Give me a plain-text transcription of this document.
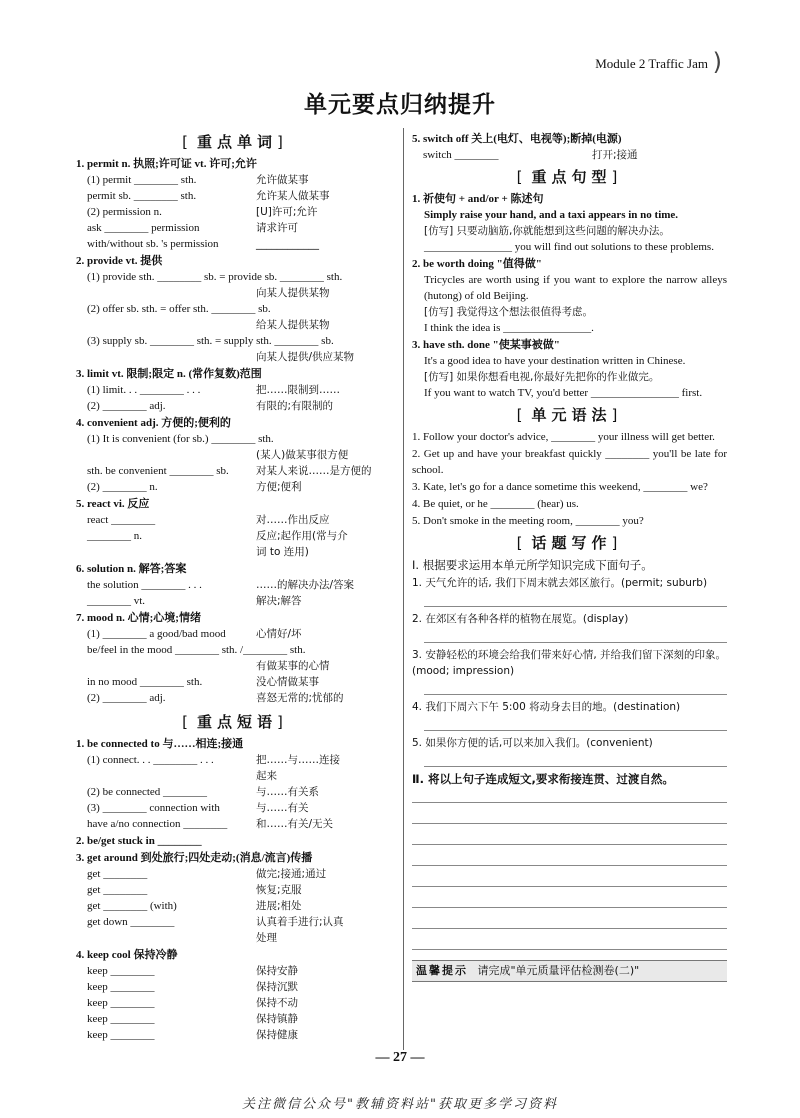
Module 2 Traffic Jam )
单元要点归纳提升
[ 重点单词 ]
1. permit n. 执照;许可证 vt. 许可;允许
(1) permit ________ sth.	允许做某事
permit sb. ________ sth.	允许某人做某事
(2) permission n.	[U]许可;允许
ask ________ permission	请求许可
with/without sb. 's permission	____________
2. provide vt. 提供
(1) provide sth. ________ sb. = provide sb. ________ sth.
向某人提供某物
(2) offer sb. sth. = offer sth. ________ sb.
给某人提供某物
(3) supply sb. ________ sth. = supply sth. ________ sb.
向某人提供/供应某物
3. limit vt. 限制;限定 n. (常作复数)范围
(1) limit. . . ________ . . .	把……限制到……
(2) ________ adj.	有限的;有限制的
4. convenient adj. 方便的;便利的
(1) It is convenient (for sb.) ________ sth.
(某人)做某事很方便
sth. be convenient ________ sb.	对某人来说……是方便的
(2) ________ n.	方便;便利
5. react vi. 反应
react ________	对……作出反应
________ n.	反应;起作用(常与介
词 to 连用)
6. solution n. 解答;答案
the solution ________ . . .	……的解决办法/答案
________ vt.	解决;解答
7. mood n. 心情;心境;情绪
(1) ________ a good/bad mood	心情好/坏
be/feel in the mood ________ sth. /________ sth.
有做某事的心情
in no mood ________ sth.	没心情做某事
(2) ________ adj.	喜怒无常的;忧郁的
[ 重点短语 ]
1. be connected to 与……相连;接通
(1) connect. . . ________ . . .	把……与……连接
起来
(2) be connected ________	与……有关系
(3) ________ connection with	与……有关
have a/no connection ________	和……有关/无关
2. be/get stuck in ________
3. get around 到处旅行;四处走动;(消息/流言)传播
get ________	做完;接通;通过
get ________	恢复;克服
get ________ (with)	进展;相处
get down ________	认真着手进行;认真
处理
4. keep cool 保持冷静
keep ________	保持安静
keep ________	保持沉默
keep ________	保持不动
keep ________	保持镇静
keep ________	保持健康
5. switch off 关上(电灯、电视等);断掉(电源)
switch ________	打开;接通
[ 重点句型 ]
1. 祈使句 + and/or + 陈述句
Simply raise your hand, and a taxi appears in no time.
[仿写] 只要动脑筋,你就能想到这些问题的解决办法。
________________ you will find out solutions to these problems.
2. be worth doing "值得做"
Tricycles are worth using if you want to explore the narrow alleys (hutong) of old Beijing.
[仿写] 我觉得这个想法很值得考虑。
I think the idea is ________________.
3. have sth. done "使某事被做"
It's a good idea to have your destination written in Chinese.
[仿写] 如果你想看电视,你最好先把你的作业做完。
If you want to watch TV, you'd better ________________ first.
[ 单元语法 ]
1. Follow your doctor's advice, ________ your illness will get better.
2. Get up and have your breakfast quickly ________ you'll be late for school.
3. Kate, let's go for a dance sometime this weekend, ________ we?
4. Be quiet, or he ________ (hear) us.
5. Don't smoke in the meeting room, ________ you?
[ 话题写作 ]
Ⅰ. 根据要求运用本单元所学知识完成下面句子。
1. 天气允许的话, 我们下周末就去郊区旅行。(permit; suburb)
2. 在郊区有各种各样的植物在展览。(display)
3. 安静轻松的环境会给我们带来好心情, 并给我们留下深刻的印象。(mood; impression)
4. 我们下周六下午 5:00 将动身去目的地。(destination)
5. 如果你方便的话,可以来加入我们。(convenient)
Ⅱ. 将以上句子连成短文,要求衔接连贯、过渡自然。
温馨提示 请完成"单元质量评估检测卷(二)"
— 27 —
关注微信公众号"教辅资料站"获取更多学习资料
